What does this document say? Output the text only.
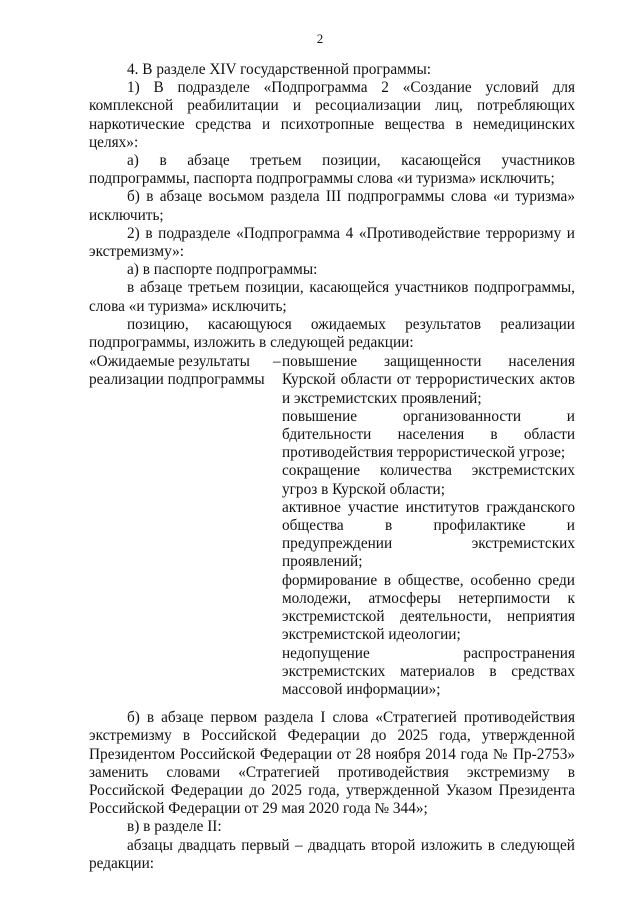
2

4. В разделе XIV государственной программы:

1) В подразделе «Подпрограмма 2 «Создание условий для комплексной реабилитации и ресоциализации лиц, потребляющих наркотические средства и психотропные вещества в немедицинских целях»:

а) в абзаце третьем позиции, касающейся участников подпрограммы, паспорта подпрограммы слова «и туризма» исключить;

б) в абзаце восьмом раздела III подпрограммы слова «и туризма» исключить;

2) в подразделе «Подпрограмма 4 «Противодействие терроризму и экстремизму»:

а) в паспорте подпрограммы:

в абзаце третьем позиции, касающейся участников подпрограммы, слова «и туризма» исключить;

позицию, касающуюся ожидаемых результатов реализации подпрограммы, изложить в следующей редакции:

«Ожидаемые результаты реализации подпрограммы	–	повышение защищенности населения Курской области от террористических актов и экстремистских проявлений;

повышение организованности и бдительности населения в области противодействия террористической угрозе;

сокращение количества экстремистских угроз в Курской области;

активное участие институтов гражданского общества в профилактике и предупреждении экстремистских проявлений;

формирование в обществе, особенно среди молодежи, атмосферы нетерпимости к экстремистской деятельности, неприятия экстремистской идеологии;

недопущение распространения экстремистских материалов в средствах массовой информации»;

б) в абзаце первом раздела I слова «Стратегией противодействия экстремизму в Российской Федерации до 2025 года, утвержденной Президентом Российской Федерации от 28 ноября 2014 года № Пр-2753» заменить словами «Стратегией противодействия экстремизму в Российской Федерации до 2025 года, утвержденной Указом Президента Российской Федерации от 29 мая 2020 года № 344»;

в) в разделе II:

абзацы двадцать первый – двадцать второй изложить в следующей редакции:
